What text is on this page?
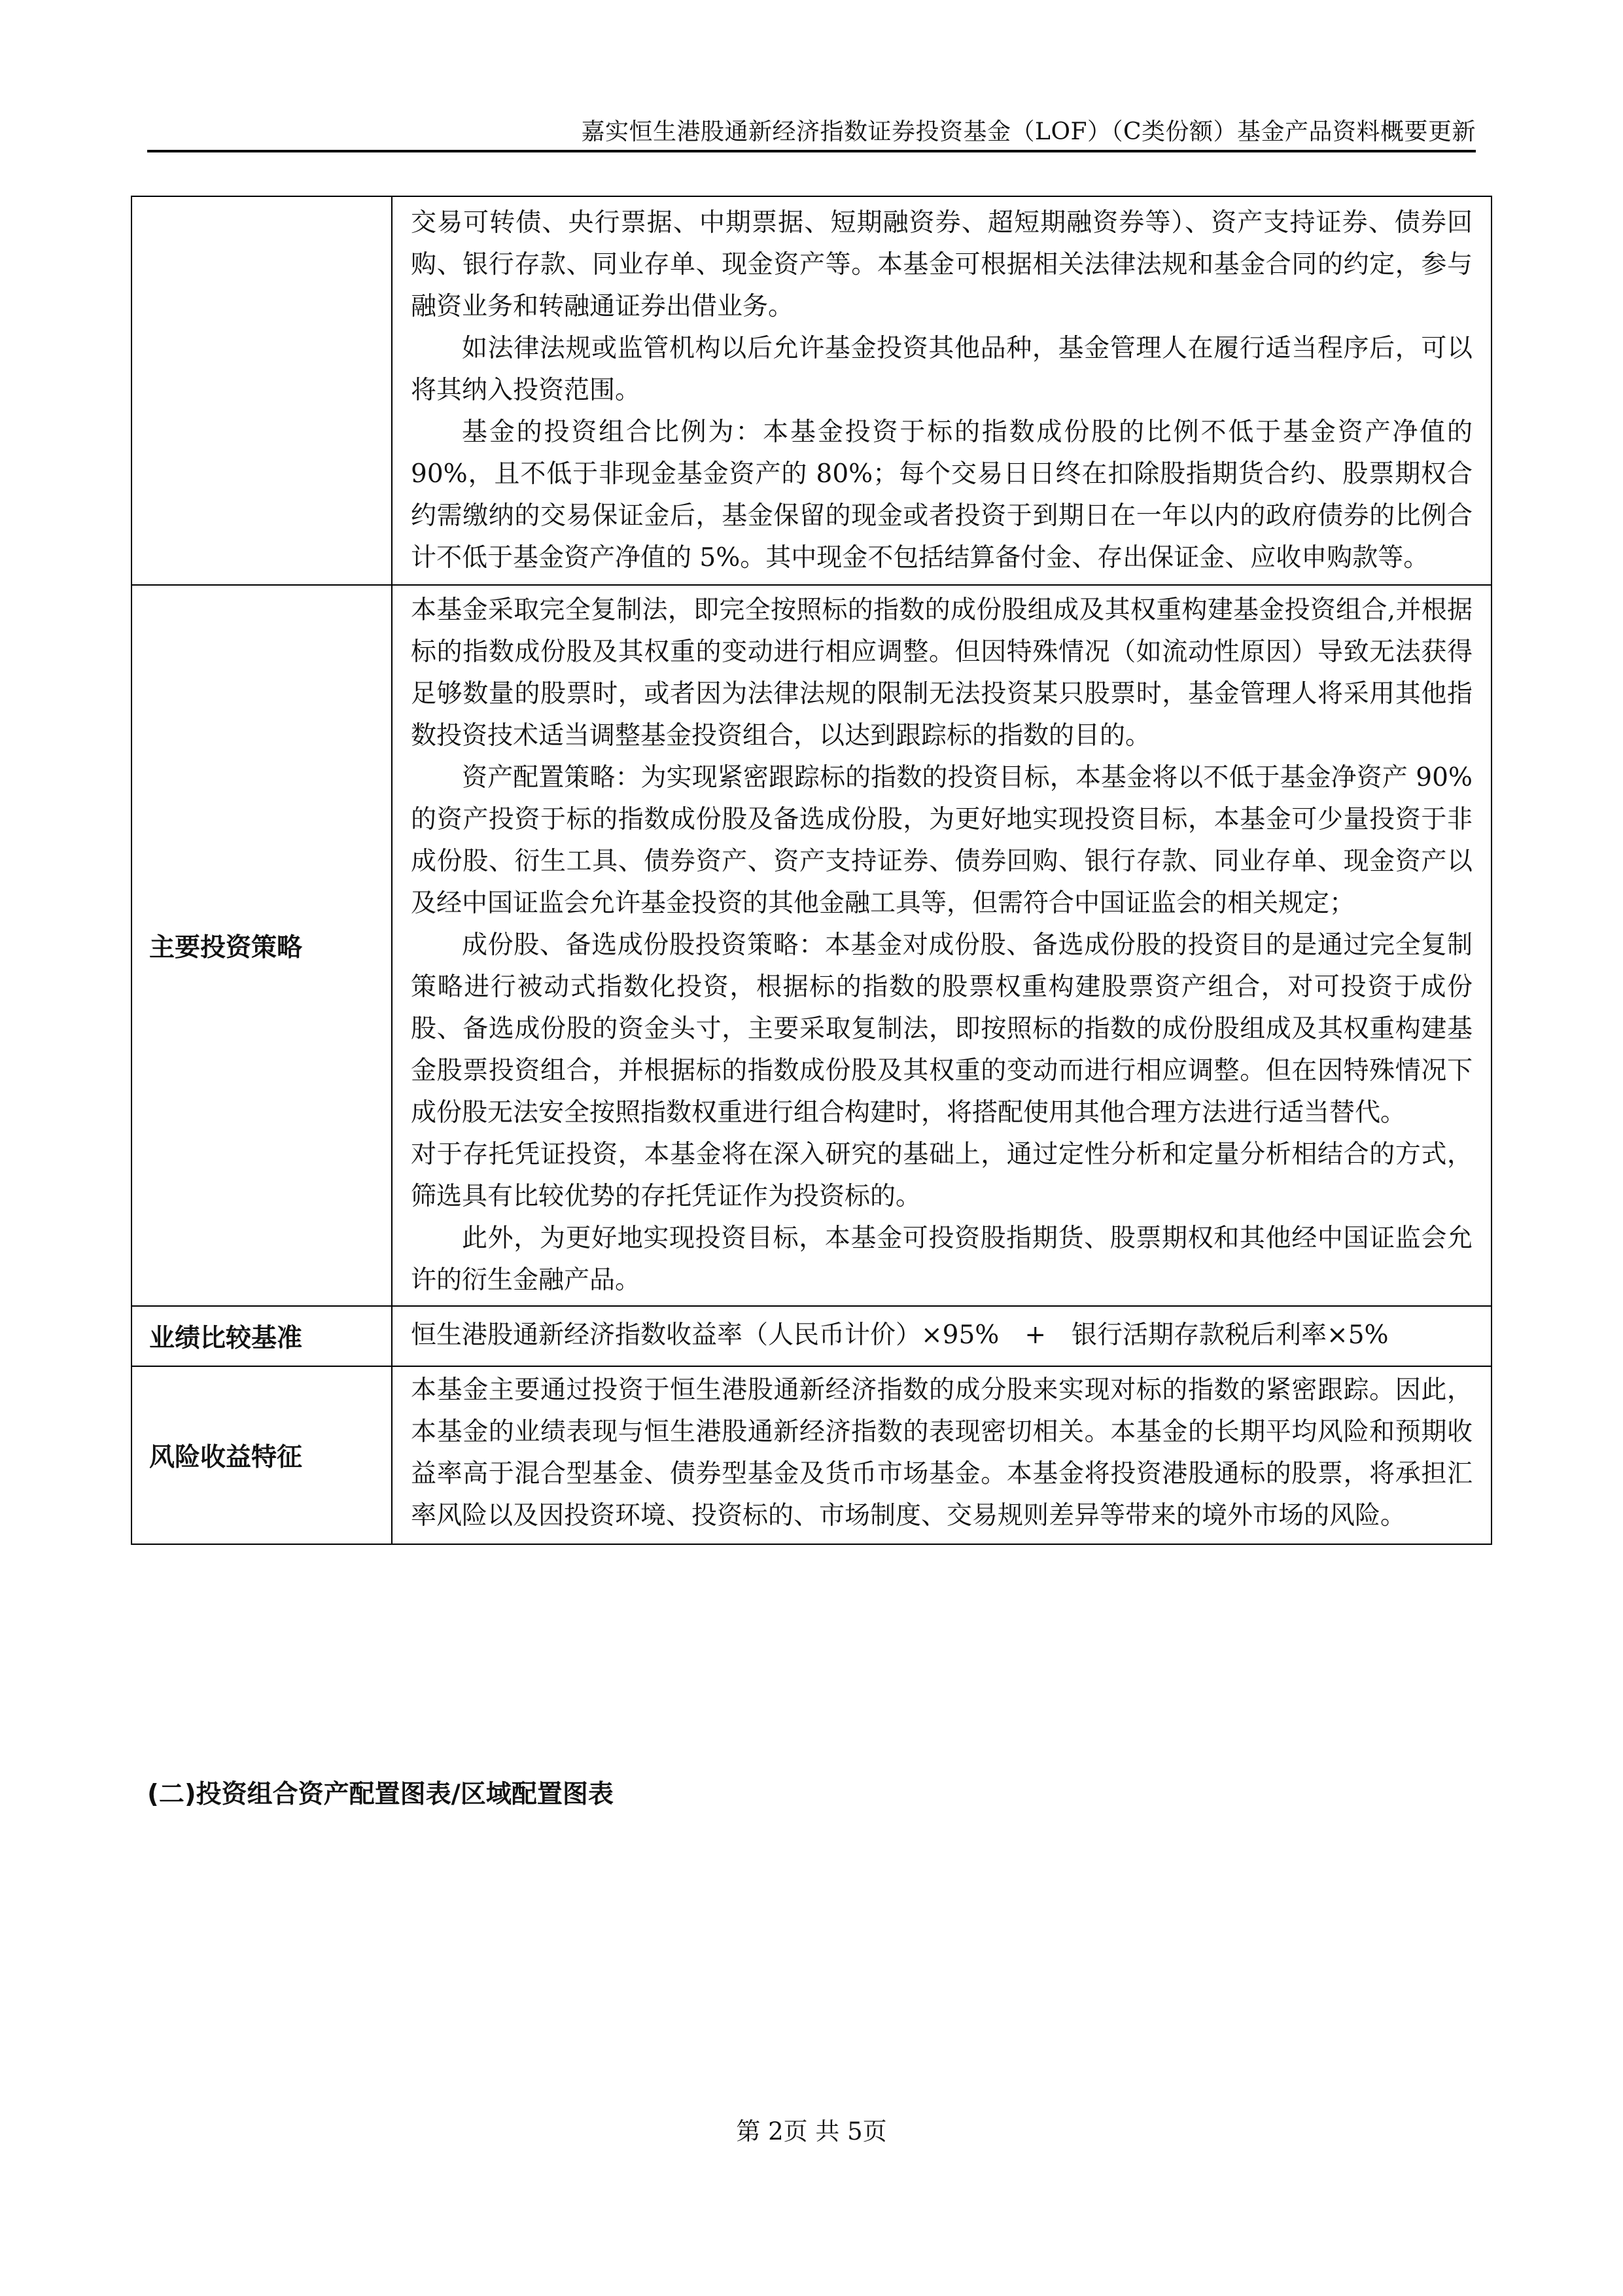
嘉实恒生港股通新经济指数证券投资基金（LOF）（C类份额）基金产品资料概要更新

	交易可转债、央行票据、中期票据、短期融资券、超短期融资券等）、资产支持证券、债券回购、银行存款、同业存单、现金资产等。本基金可根据相关法律法规和基金合同的约定，参与融资业务和转融通证券出借业务。

如法律法规或监管机构以后允许基金投资其他品种，基金管理人在履行适当程序后，可以将其纳入投资范围。

基金的投资组合比例为：本基金投资于标的指数成份股的比例不低于基金资产净值的 90%，且不低于非现金基金资产的 80%；每个交易日日终在扣除股指期货合约、股票期权合约需缴纳的交易保证金后，基金保留的现金或者投资于到期日在一年以内的政府债券的比例合计不低于基金资产净值的 5%。其中现金不包括结算备付金、存出保证金、应收申购款等。

主要投资策略	本基金采取完全复制法，即完全按照标的指数的成份股组成及其权重构建基金投资组合,并根据标的指数成份股及其权重的变动进行相应调整。但因特殊情况（如流动性原因）导致无法获得足够数量的股票时，或者因为法律法规的限制无法投资某只股票时，基金管理人将采用其他指数投资技术适当调整基金投资组合，以达到跟踪标的指数的目的。

资产配置策略：为实现紧密跟踪标的指数的投资目标，本基金将以不低于基金净资产 90%的资产投资于标的指数成份股及备选成份股，为更好地实现投资目标，本基金可少量投资于非成份股、衍生工具、债券资产、资产支持证券、债券回购、银行存款、同业存单、现金资产以及经中国证监会允许基金投资的其他金融工具等，但需符合中国证监会的相关规定；

成份股、备选成份股投资策略：本基金对成份股、备选成份股的投资目的是通过完全复制策略进行被动式指数化投资，根据标的指数的股票权重构建股票资产组合，对可投资于成份股、备选成份股的资金头寸，主要采取复制法，即按照标的指数的成份股组成及其权重构建基金股票投资组合，并根据标的指数成份股及其权重的变动而进行相应调整。但在因特殊情况下成份股无法安全按照指数权重进行组合构建时，将搭配使用其他合理方法进行适当替代。

对于存托凭证投资，本基金将在深入研究的基础上，通过定性分析和定量分析相结合的方式，筛选具有比较优势的存托凭证作为投资标的。

此外，为更好地实现投资目标，本基金可投资股指期货、股票期权和其他经中国证监会允许的衍生金融产品。

业绩比较基准	恒生港股通新经济指数收益率（人民币计价）×95%　+　银行活期存款税后利率×5%
风险收益特征	本基金主要通过投资于恒生港股通新经济指数的成分股来实现对标的指数的紧密跟踪。因此，本基金的业绩表现与恒生港股通新经济指数的表现密切相关。本基金的长期平均风险和预期收益率高于混合型基金、债券型基金及货币市场基金。本基金将投资港股通标的股票，将承担汇率风险以及因投资环境、投资标的、市场制度、交易规则差异等带来的境外市场的风险。

(二)投资组合资产配置图表/区域配置图表
第 2页 共 5页
